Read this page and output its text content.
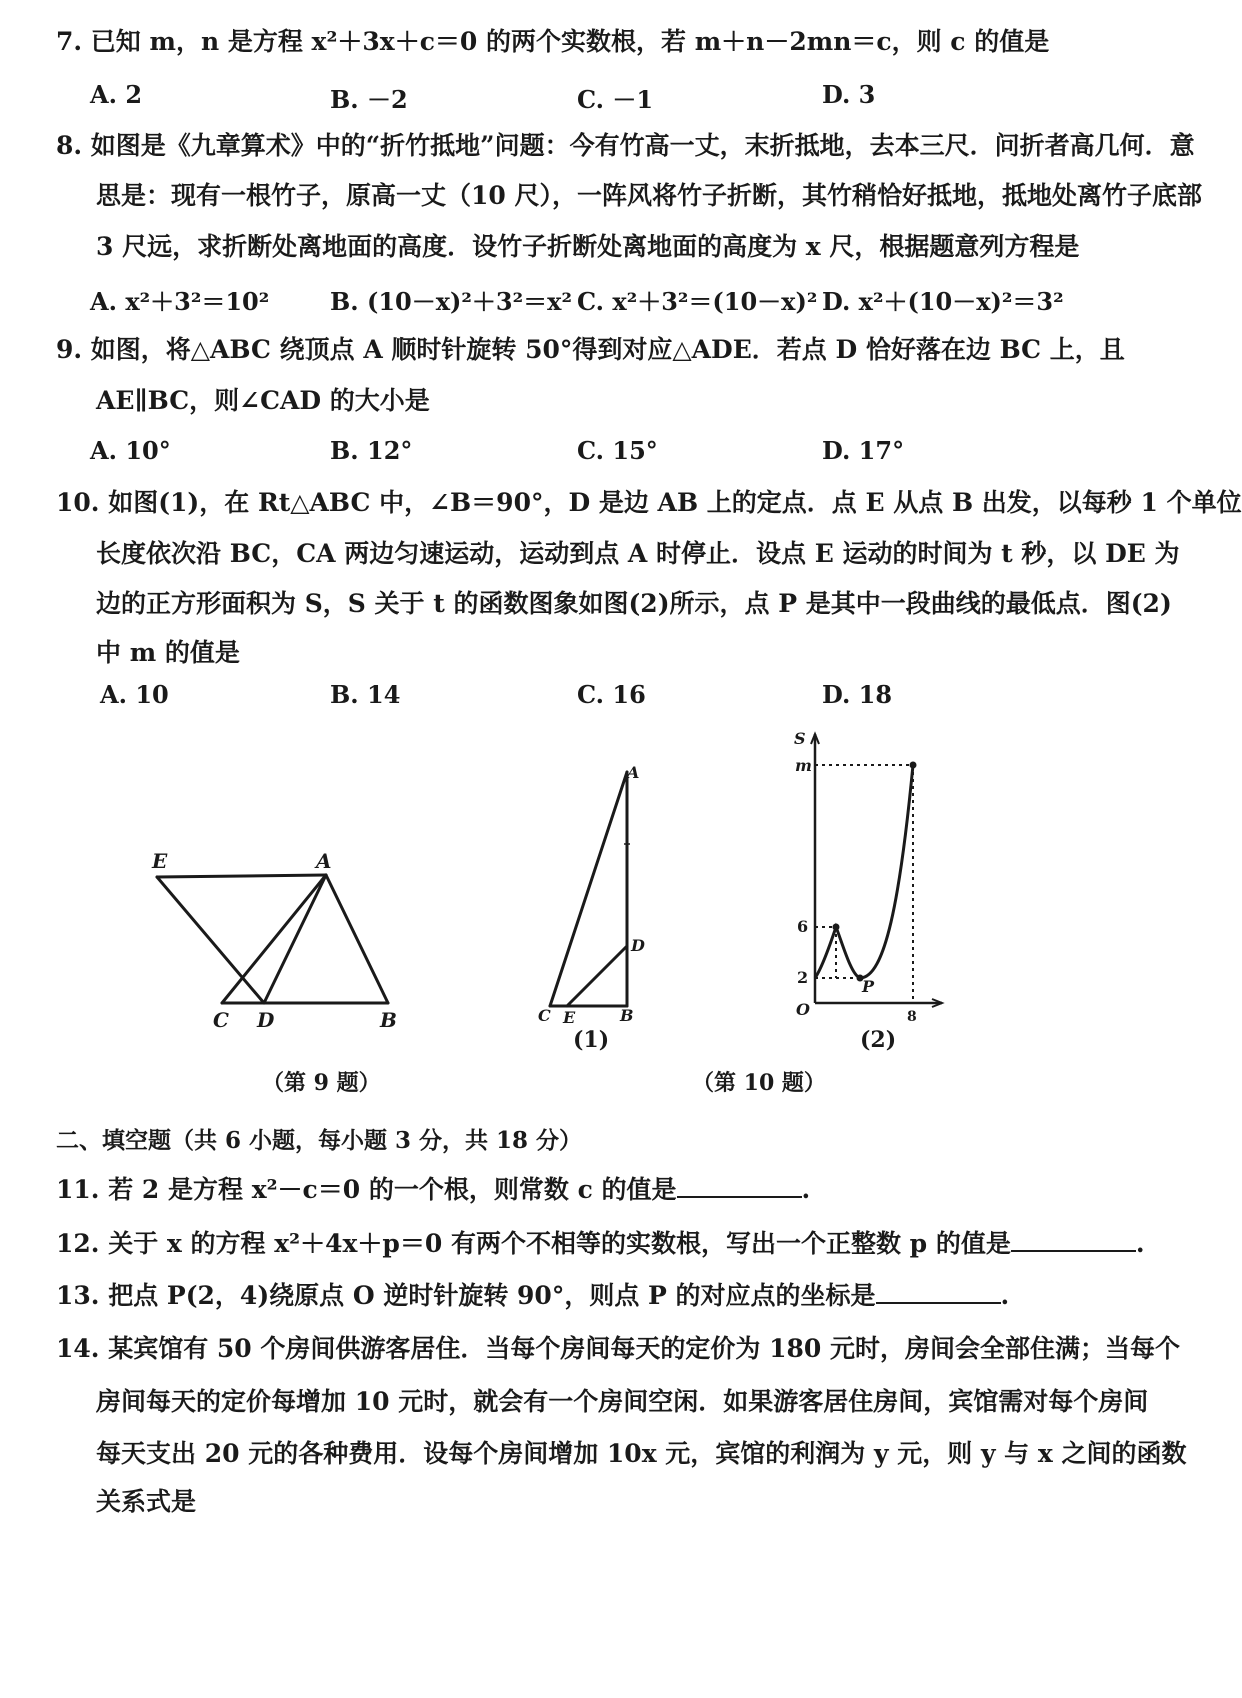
7. 已知 m，n 是方程 x²＋3x＋c＝0 的两个实数根，若 m＋n－2mn＝c，则 c 的值是
A. 2	B. －2	C. －1	D. 3
8. 如图是《九章算术》中的“折竹抵地”问题：今有竹高一丈，末折抵地，去本三尺．问折者高几何．意
思是：现有一根竹子，原高一丈（10 尺），一阵风将竹子折断，其竹稍恰好抵地，抵地处离竹子底部
3 尺远，求折断处离地面的高度．设竹子折断处离地面的高度为 x 尺，根据题意列方程是
A. x²＋3²＝10²	B. (10－x)²＋3²＝x² C. x²＋3²＝(10－x)² D. x²＋(10－x)²＝3²
9. 如图，将△ABC 绕顶点 A 顺时针旋转 50°得到对应△ADE．若点 D 恰好落在边 BC 上，且
AE∥BC，则∠CAD 的大小是
A. 10°	B. 12°	C. 15°	D. 17°
10. 如图(1)，在 Rt△ABC 中，∠B＝90°，D 是边 AB 上的定点．点 E 从点 B 出发，以每秒 1 个单位
长度依次沿 BC，CA 两边匀速运动，运动到点 A 时停止．设点 E 运动的时间为 t 秒，以 DE 为
边的正方形面积为 S，S 关于 t 的函数图象如图(2)所示，点 P 是其中一段曲线的最低点．图(2)
中 m 的值是
A. 10	B. 14	C. 16	D. 18
E	A
C D	B
A
D
C E	B
S
m
6
2
O
P
8
(1)	(2)
（第 9 题）	（第 10 题）
二、填空题（共 6 小题，每小题 3 分，共 18 分）
11. 若 2 是方程 x²－c＝0 的一个根，则常数 c 的值是	.
12. 关于 x 的方程 x²＋4x＋p＝0 有两个不相等的实数根，写出一个正整数 p 的值是	.
13. 把点 P(2，4)绕原点 O 逆时针旋转 90°，则点 P 的对应点的坐标是	.
14. 某宾馆有 50 个房间供游客居住．当每个房间每天的定价为 180 元时，房间会全部住满；当每个
房间每天的定价每增加 10 元时，就会有一个房间空闲．如果游客居住房间，宾馆需对每个房间
每天支出 20 元的各种费用．设每个房间增加 10x 元，宾馆的利润为 y 元，则 y 与 x 之间的函数
关系式是
